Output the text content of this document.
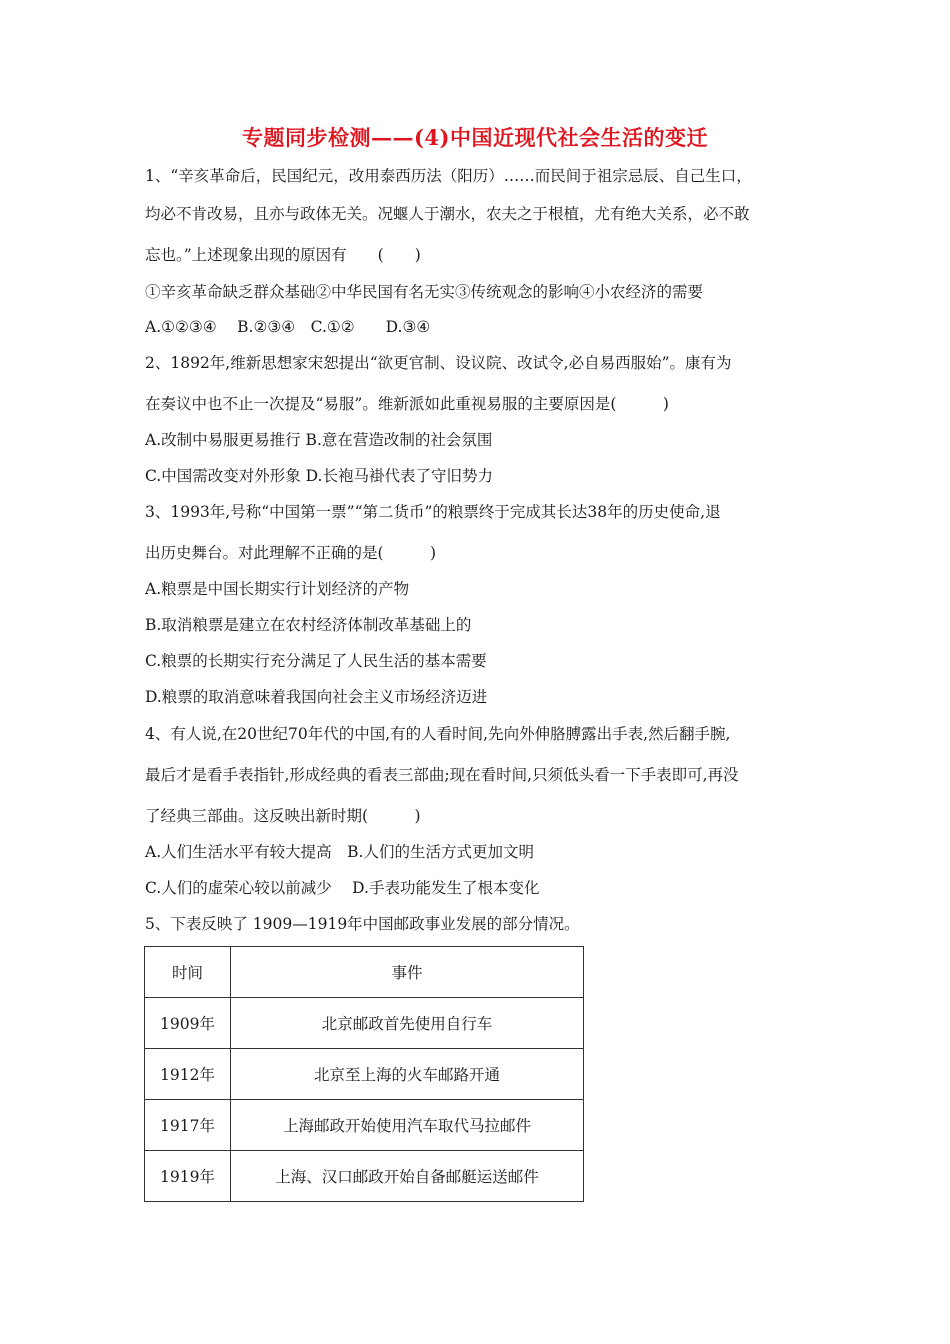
专题同步检测——(4)中国近现代社会生活的变迁
1、“辛亥革命后，民国纪元，改用泰西历法（阳历）……而民间于祖宗忌辰、自己生口，
均必不肯改易，且亦与政体无关。况蝘人于潮水，农夫之于根植，尤有绝大关系，必不敢
忘也。”上述现象出现的原因有　　(　　)
①辛亥革命缺乏群众基础②中华民国有名无实③传统观念的影响④小农经济的需要
A.①②③④　 B.②③④　C.①②　　D.③④
2、1892年,维新思想家宋恕提出“欲更官制、设议院、改试令,必自易西服始”。康有为
在奏议中也不止一次提及“易服”。维新派如此重视易服的主要原因是(　　　)
A.改制中易服更易推行 B.意在营造改制的社会氛围
C.中国需改变对外形象 D.长袍马褂代表了守旧势力
3、1993年,号称“中国第一票”“第二货币”的粮票终于完成其长达38年的历史使命,退
出历史舞台。对此理解不正确的是(　　　)
A.粮票是中国长期实行计划经济的产物
B.取消粮票是建立在农村经济体制改革基础上的
C.粮票的长期实行充分满足了人民生活的基本需要
D.粮票的取消意味着我国向社会主义市场经济迈进
4、有人说,在20世纪70年代的中国,有的人看时间,先向外伸胳膊露出手表,然后翻手腕,
最后才是看手表指针,形成经典的看表三部曲;现在看时间,只须低头看一下手表即可,再没
了经典三部曲。这反映出新时期(　　　)
A.人们生活水平有较大提高　B.人们的生活方式更加文明
C.人们的虚荣心较以前减少　 D.手表功能发生了根本变化
5、下表反映了 1909—1919年中国邮政事业发展的部分情况。
时间	事件
1909年	北京邮政首先使用自行车
1912年	北京至上海的火车邮路开通
1917年	上海邮政开始使用汽车取代马拉邮件
1919年	上海、汉口邮政开始自备邮艇运送邮件
